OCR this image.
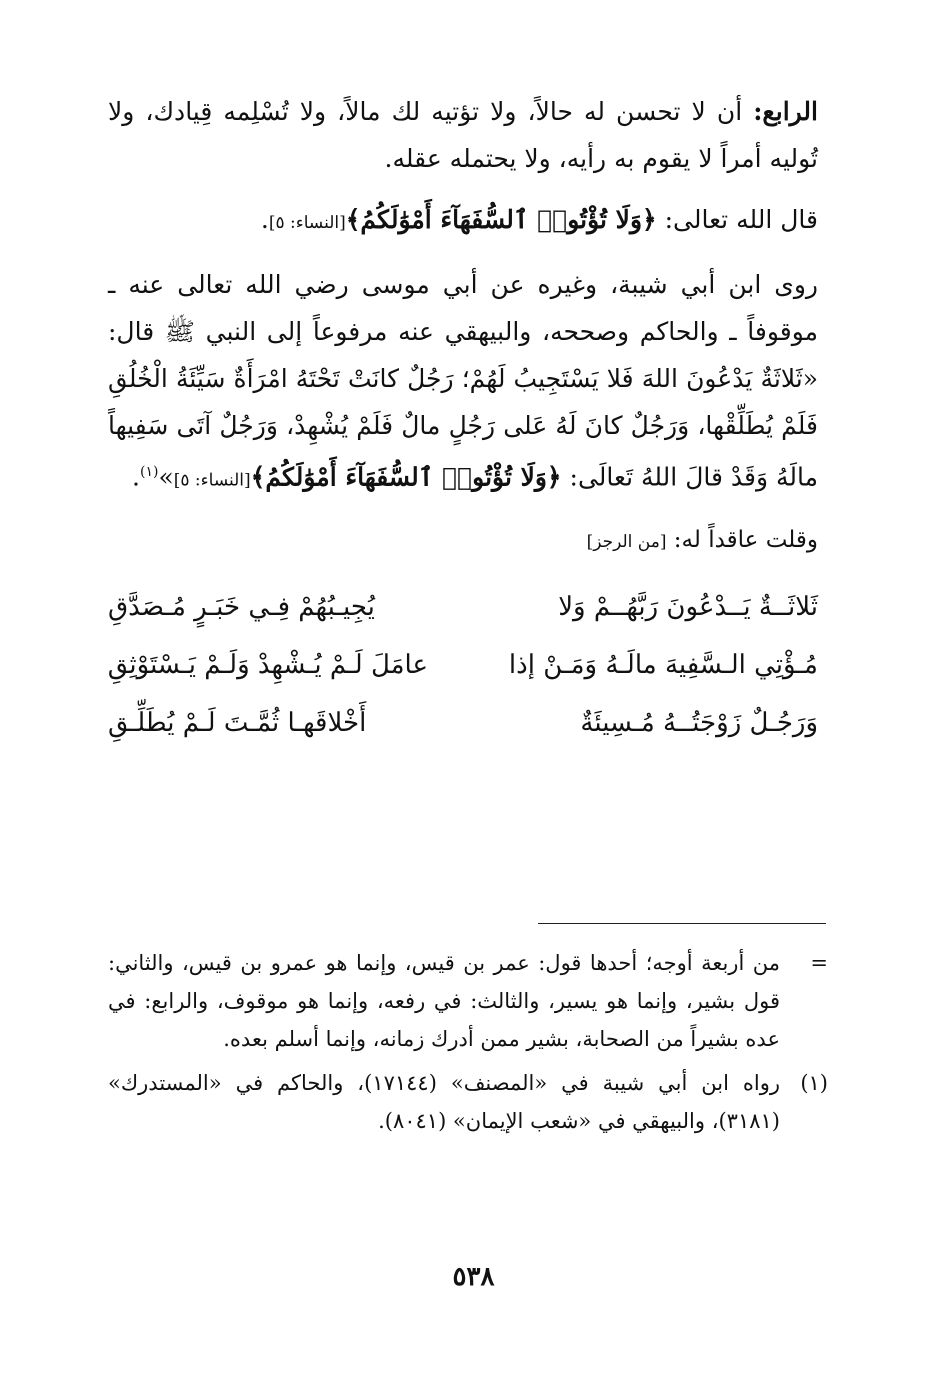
الرابع: أن لا تحسن له حالاً، ولا تؤتيه لك مالاً، ولا تُسْلِمه قِيادك، ولا تُوليه أمراً لا يقوم به رأيه، ولا يحتمله عقله.

قال الله تعالى: ﴿وَلَا تُؤْتُوا۟ ٱلسُّفَهَآءَ أَمْوَٰلَكُمُ﴾[النساء: ٥].

روى ابن أبي شيبة، وغيره عن أبي موسى رضي الله تعالى عنه ـ موقوفاً ـ والحاكم وصححه، والبيهقي عنه مرفوعاً إلى النبي ﷺ قال: «ثَلاثَةٌ يَدْعُونَ اللهَ فَلا يَسْتَجِيبُ لَهُمْ؛ رَجُلٌ كانَتْ تَحْتَهُ امْرَأَةٌ سَيِّئَةُ الْخُلُقِ فَلَمْ يُطَلِّقْها، وَرَجُلٌ كانَ لَهُ عَلى رَجُلٍ مالٌ فَلَمْ يُشْهِدْ، وَرَجُلٌ آتَى سَفِيهاً مالَهُ وَقَدْ قالَ اللهُ تَعالَى: ﴿وَلَا تُؤْتُوا۟ ٱلسُّفَهَآءَ أَمْوَٰلَكُمُ﴾[النساء: ٥]»$^{(١)}$.

وقلت عاقداً له: [من الرجز]

ثَلاثَــةٌ يَــدْعُونَ رَبَّهُــمْ وَلا
يُجِيـبُهُمْ فِـي خَبَـرٍ مُـصَدَّقِ
مُـؤْتِي الـسَّفِيهَ مالَـهُ وَمَـنْ إذا
عامَلَ لَـمْ يُـشْهِدْ وَلَـمْ يَـسْتَوْثِقِ
وَرَجُـلٌ زَوْجَتُــهُ مُـسِيئَةٌ
أَخْلاقَهـا ثُمَّـتَ لَـمْ يُطَلِّـقِ
=
من أربعة أوجه؛ أحدها قول: عمر بن قيس، وإنما هو عمرو بن قيس، والثاني: قول بشير، وإنما هو يسير، والثالث: في رفعه، وإنما هو موقوف، والرابع: في عده بشيراً من الصحابة، بشير ممن أدرك زمانه، وإنما أسلم بعده.
(١)
رواه ابن أبي شيبة في «المصنف» (١٧١٤٤)، والحاكم في «المستدرك» (٣١٨١)، والبيهقي في «شعب الإيمان» (٨٠٤١).
٥٣٨
